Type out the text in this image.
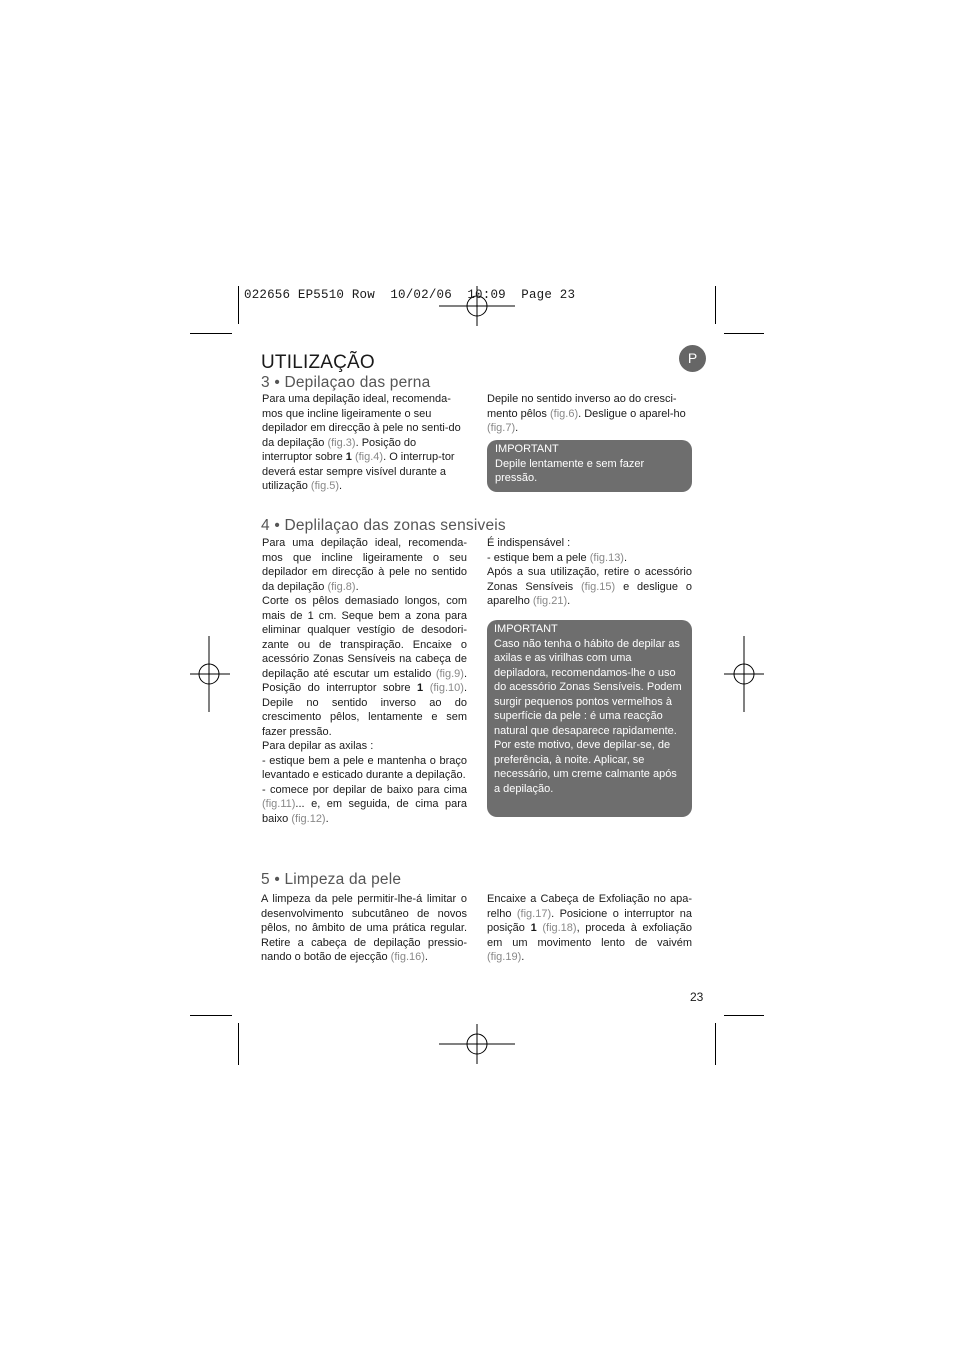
022656 EP5510 Row  10/02/06  10:09  Page 23
UTILIZAÇÃO	P
3 • Depilaçao das perna
Para uma depilação ideal, recomenda-mos que incline ligeiramente o seu depilador em direcção à pele no senti-do da depilação (fig.3). Posição do interruptor sobre 1 (fig.4). O interrup-tor deverá estar sempre visível durante a utilização (fig.5).
Depile no sentido inverso ao do cresci-mento pêlos (fig.6). Desligue o aparel-ho (fig.7).
IMPORTANT
Depile lentamente e sem fazer pressão.
4 • Deplilaçao das zonas sensiveis
Para uma depilação ideal, recomenda-mos que incline ligeiramente o seu depilador em direcção à pele no sentido da depilação (fig.8).
Corte os pêlos demasiado longos, com mais de 1 cm. Seque bem a zona para eliminar qualquer vestígio de desodori-zante ou de transpiração. Encaixe o acessório Zonas Sensíveis na cabeça de depilação até escutar um estalido (fig.9). Posição do interruptor sobre 1 (fig.10). Depile no sentido inverso ao do crescimento pêlos, lentamente e sem fazer pressão.
Para depilar as axilas :
- estique bem a pele e mantenha o braço levantado e esticado durante a depilação.
- comece por depilar de baixo para cima (fig.11)... e, em seguida, de cima para baixo (fig.12).
É indispensável :
- estique bem a pele (fig.13).
Após a sua utilização, retire o acessório Zonas Sensíveis (fig.15) e desligue o aparelho (fig.21).
IMPORTANT
Caso não tenha o hábito de depilar as axilas e as virilhas com uma depiladora, recomendamos-lhe o uso do acessório Zonas Sensíveis. Podem surgir pequenos pontos vermelhos à superfície da pele : é uma reacção natural que desaparece rapidamente. Por este motivo, deve depilar-se, de preferência, à noite. Aplicar, se necessário, um creme calmante após a depilação.
5 • Limpeza da pele
A limpeza da pele permitir-lhe-á limitar o desenvolvimento subcutâneo de novos pêlos, no âmbito de uma prática regular. Retire a cabeça de depilação pressio-nando o botão de ejecção (fig.16).
Encaixe a Cabeça de Exfoliação no apa-relho (fig.17). Posicione o interruptor na posição 1 (fig.18), proceda à exfoliação em um movimento lento de vaivém (fig.19).
23
